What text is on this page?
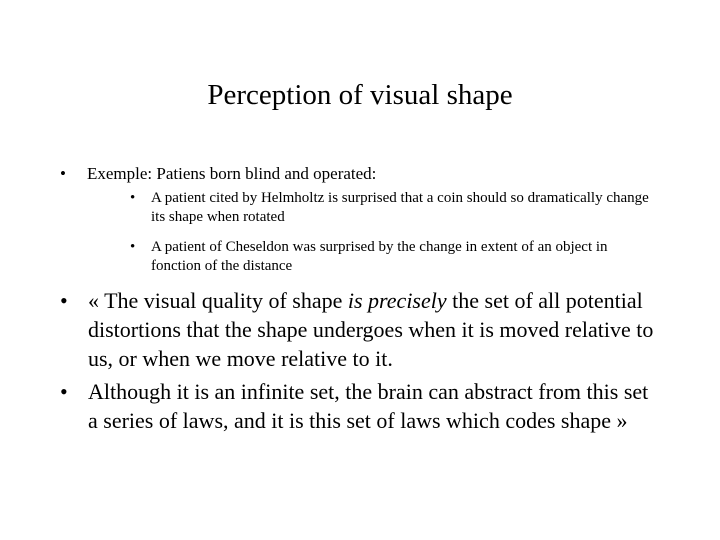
Perception of visual shape
• Exemple: Patiens born blind and operated:
• A patient cited by Helmholtz is surprised that a coin should so dramatically change its shape when rotated
• A patient of Cheseldon was surprised by the change in extent of an object in fonction of the distance
• « The visual quality of shape is precisely the set of all potential distortions that the shape undergoes when it is moved relative to us, or when we move relative to it.
• Although it is an infinite set, the brain can abstract from this set a series of laws, and it is this set of laws which codes shape »
